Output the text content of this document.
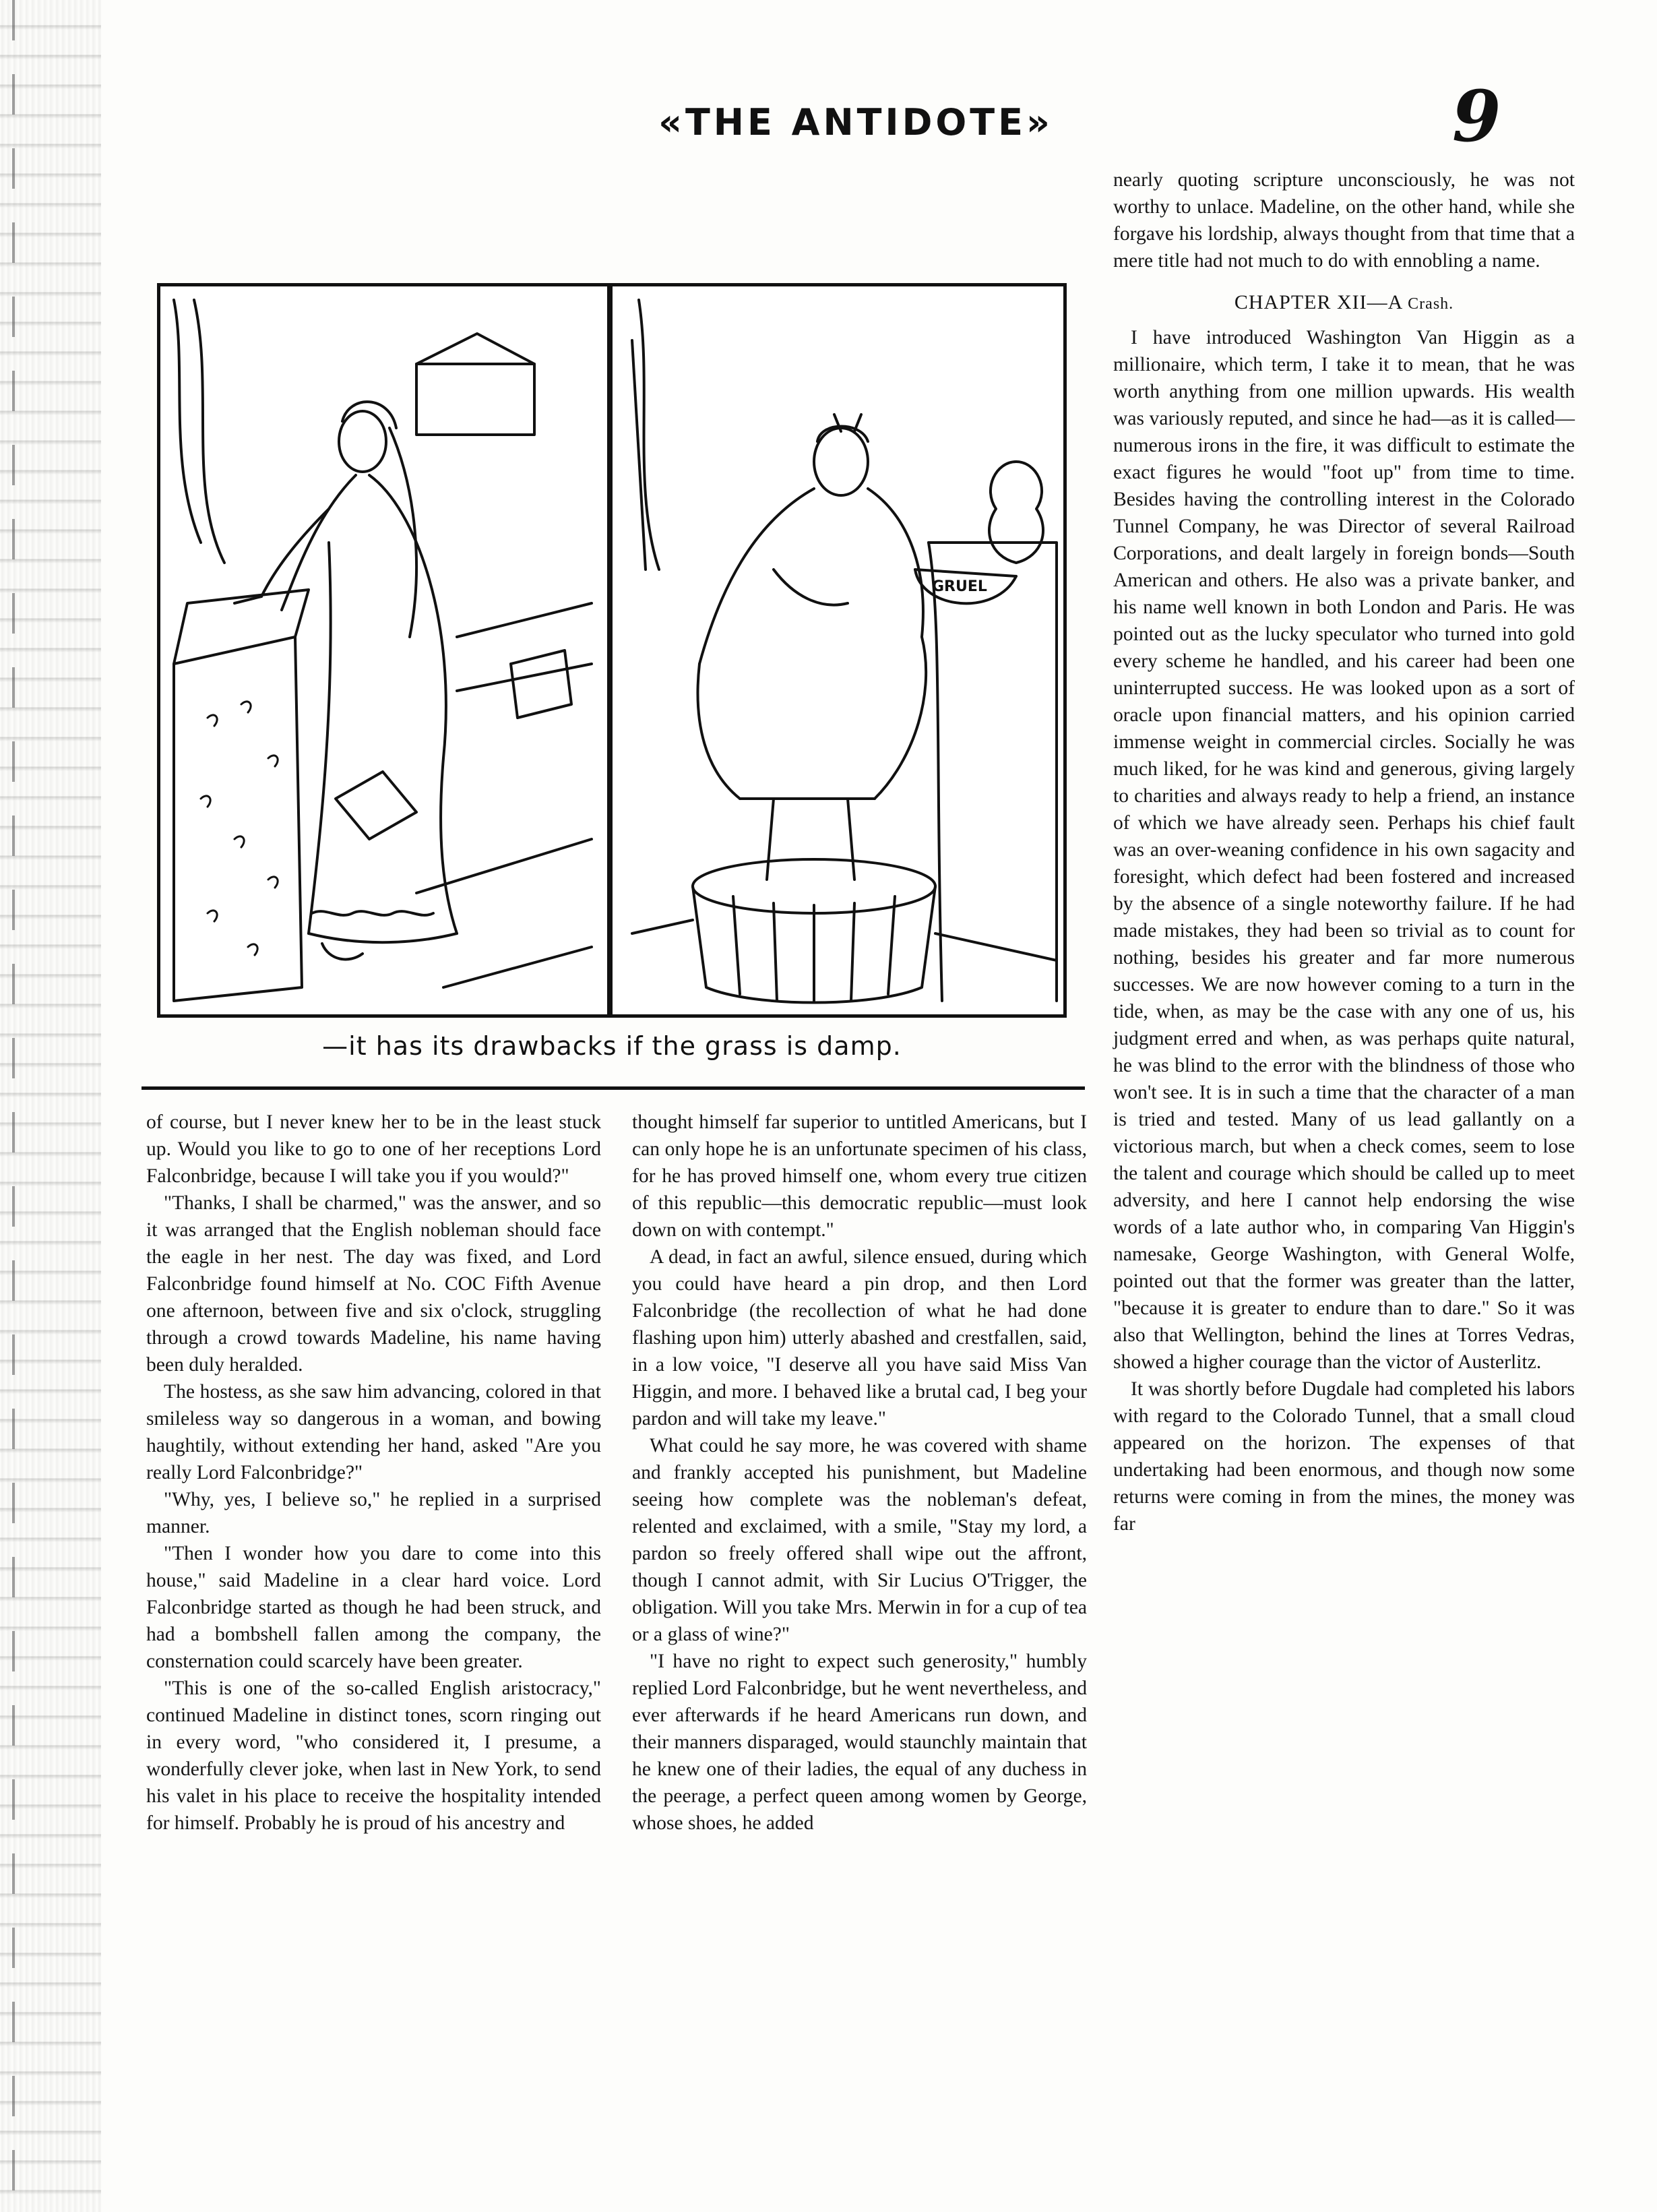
«THE ANTIDOTE»	9
GRUEL
—it has its drawbacks if the grass is damp.

of course, but I never knew her to be in the least stuck up. Would you like to go to one of her receptions Lord Falconbridge, because I will take you if you would?"

"Thanks, I shall be charmed," was the answer, and so it was arranged that the English nobleman should face the eagle in her nest. The day was fixed, and Lord Falconbridge found himself at No. COC Fifth Avenue one afternoon, between five and six o'clock, struggling through a crowd towards Madeline, his name having been duly heralded.

The hostess, as she saw him advancing, colored in that smileless way so dangerous in a woman, and bowing haughtily, without extending her hand, asked "Are you really Lord Falconbridge?"

"Why, yes, I believe so," he replied in a surprised manner.

"Then I wonder how you dare to come into this house," said Madeline in a clear hard voice. Lord Falconbridge started as though he had been struck, and had a bombshell fallen among the company, the consternation could scarcely have been greater.

"This is one of the so-called English aristocracy," continued Madeline in distinct tones, scorn ringing out in every word, "who considered it, I presume, a wonderfully clever joke, when last in New York, to send his valet in his place to receive the hospitality intended for himself. Probably he is proud of his ancestry and

thought himself far superior to untitled Americans, but I can only hope he is an unfortunate specimen of his class, for he has proved himself one, whom every true citizen of this republic—this democratic republic—must look down on with contempt."

A dead, in fact an awful, silence ensued, during which you could have heard a pin drop, and then Lord Falconbridge (the recollection of what he had done flashing upon him) utterly abashed and crestfallen, said, in a low voice, "I deserve all you have said Miss Van Higgin, and more. I behaved like a brutal cad, I beg your pardon and will take my leave."

What could he say more, he was covered with shame and frankly accepted his punishment, but Madeline seeing how complete was the nobleman's defeat, relented and exclaimed, with a smile, "Stay my lord, a pardon so freely offered shall wipe out the affront, though I cannot admit, with Sir Lucius O'Trigger, the obligation. Will you take Mrs. Merwin in for a cup of tea or a glass of wine?"

"I have no right to expect such generosity," humbly replied Lord Falconbridge, but he went nevertheless, and ever afterwards if he heard Americans run down, and their manners disparaged, would staunchly maintain that he knew one of their ladies, the equal of any duchess in the peerage, a perfect queen among women by George, whose shoes, he added

nearly quoting scripture unconsciously, he was not worthy to unlace. Madeline, on the other hand, while she forgave his lordship, always thought from that time that a mere title had not much to do with ennobling a name.

CHAPTER XII—A Crash.

I have introduced Washington Van Higgin as a millionaire, which term, I take it to mean, that he was worth anything from one million upwards. His wealth was variously reputed, and since he had—as it is called—numerous irons in the fire, it was difficult to estimate the exact figures he would "foot up" from time to time. Besides having the controlling interest in the Colorado Tunnel Company, he was Director of several Railroad Corporations, and dealt largely in foreign bonds—South American and others. He also was a private banker, and his name well known in both London and Paris. He was pointed out as the lucky speculator who turned into gold every scheme he handled, and his career had been one uninterrupted success. He was looked upon as a sort of oracle upon financial matters, and his opinion carried immense weight in commercial circles. Socially he was much liked, for he was kind and generous, giving largely to charities and always ready to help a friend, an instance of which we have already seen. Perhaps his chief fault was an over-weaning confidence in his own sagacity and foresight, which defect had been fostered and increased by the absence of a single noteworthy failure. If he had made mistakes, they had been so trivial as to count for nothing, besides his greater and far more numerous successes. We are now however coming to a turn in the tide, when, as may be the case with any one of us, his judgment erred and when, as was perhaps quite natural, he was blind to the error with the blindness of those who won't see. It is in such a time that the character of a man is tried and tested. Many of us lead gallantly on a victorious march, but when a check comes, seem to lose the talent and courage which should be called up to meet adversity, and here I cannot help endorsing the wise words of a late author who, in comparing Van Higgin's namesake, George Washington, with General Wolfe, pointed out that the former was greater than the latter, "because it is greater to endure than to dare." So it was also that Wellington, behind the lines at Torres Vedras, showed a higher courage than the victor of Austerlitz.

It was shortly before Dugdale had completed his labors with regard to the Colorado Tunnel, that a small cloud appeared on the horizon. The expenses of that undertaking had been enormous, and though now some returns were coming in from the mines, the money was far
